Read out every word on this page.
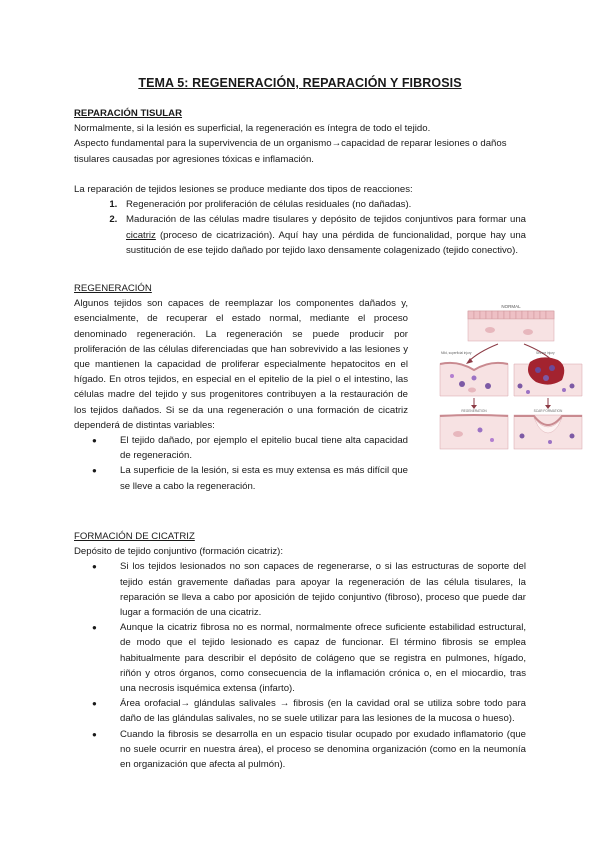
TEMA 5: REGENERACIÓN, REPARACIÓN Y FIBROSIS

REPARACIÓN TISULAR

Normalmente, si la lesión es superficial, la regeneración es íntegra de todo el tejido.

Aspecto fundamental para la supervivencia de un organismo→capacidad de reparar lesiones o daños tisulares causadas por agresiones tóxicas e inflamación.

La reparación de tejidos lesiones se produce mediante dos tipos de reacciones:

1. Regeneración por proliferación de células residuales (no dañadas).
2. Maduración de las células madre tisulares y depósito de tejidos conjuntivos para formar una cicatriz (proceso de cicatrización). Aquí hay una pérdida de funcionalidad, porque hay una sustitución de ese tejido dañado por tejido laxo densamente colagenizado (tejido conectivo).

REGENERACIÓN

Algunos tejidos son capaces de reemplazar los componentes dañados y, esencialmente, de recuperar el estado normal, mediante el proceso denominado regeneración. La regeneración se puede producir por proliferación de las células diferenciadas que han sobrevivido a las lesiones y que mantienen la capacidad de proliferar especialmente hepatocitos en el hígado. En otros tejidos, en especial en el epitelio de la piel o el intestino, las células madre del tejido y sus progenitores contribuyen a la restauración de los tejidos dañados. Si se da una regeneración o una formación de cicatriz dependerá de distintas variables:

● El tejido dañado, por ejemplo el epitelio bucal tiene alta capacidad de regeneración.
● La superficie de la lesión, si esta es muy extensa es más difícil que se lleve a cabo la regeneración.
NORMAL
Mild, superficial injury	Severe injury
REGENERATION	SCAR FORMATION

FORMACIÓN DE CICATRIZ

Depósito de tejido conjuntivo (formación cicatriz):

● Si los tejidos lesionados no son capaces de regenerarse, o si las estructuras de soporte del tejido están gravemente dañadas para apoyar la regeneración de las célula tisulares, la reparación se lleva a cabo por aposición de tejido conjuntivo (fibroso), proceso que puede dar lugar a formación de una cicatriz.
● Aunque la cicatriz fibrosa no es normal, normalmente ofrece suficiente estabilidad estructural, de modo que el tejido lesionado es capaz de funcionar. El término fibrosis se emplea habitualmente para describir el depósito de colágeno que se registra en pulmones, hígado, riñón y otros órganos, como consecuencia de la inflamación crónica o, en el miocardio, tras una necrosis isquémica extensa (infarto).
● Área orofacial→ glándulas salivales → fibrosis (en la cavidad oral se utiliza sobre todo para daño de las glándulas salivales, no se suele utilizar para las lesiones de la mucosa o hueso).
● Cuando la fibrosis se desarrolla en un espacio tisular ocupado por exudado inflamatorio (que no suele ocurrir en nuestra área), el proceso se denomina organización (como en la neumonía en organización que afecta al pulmón).
